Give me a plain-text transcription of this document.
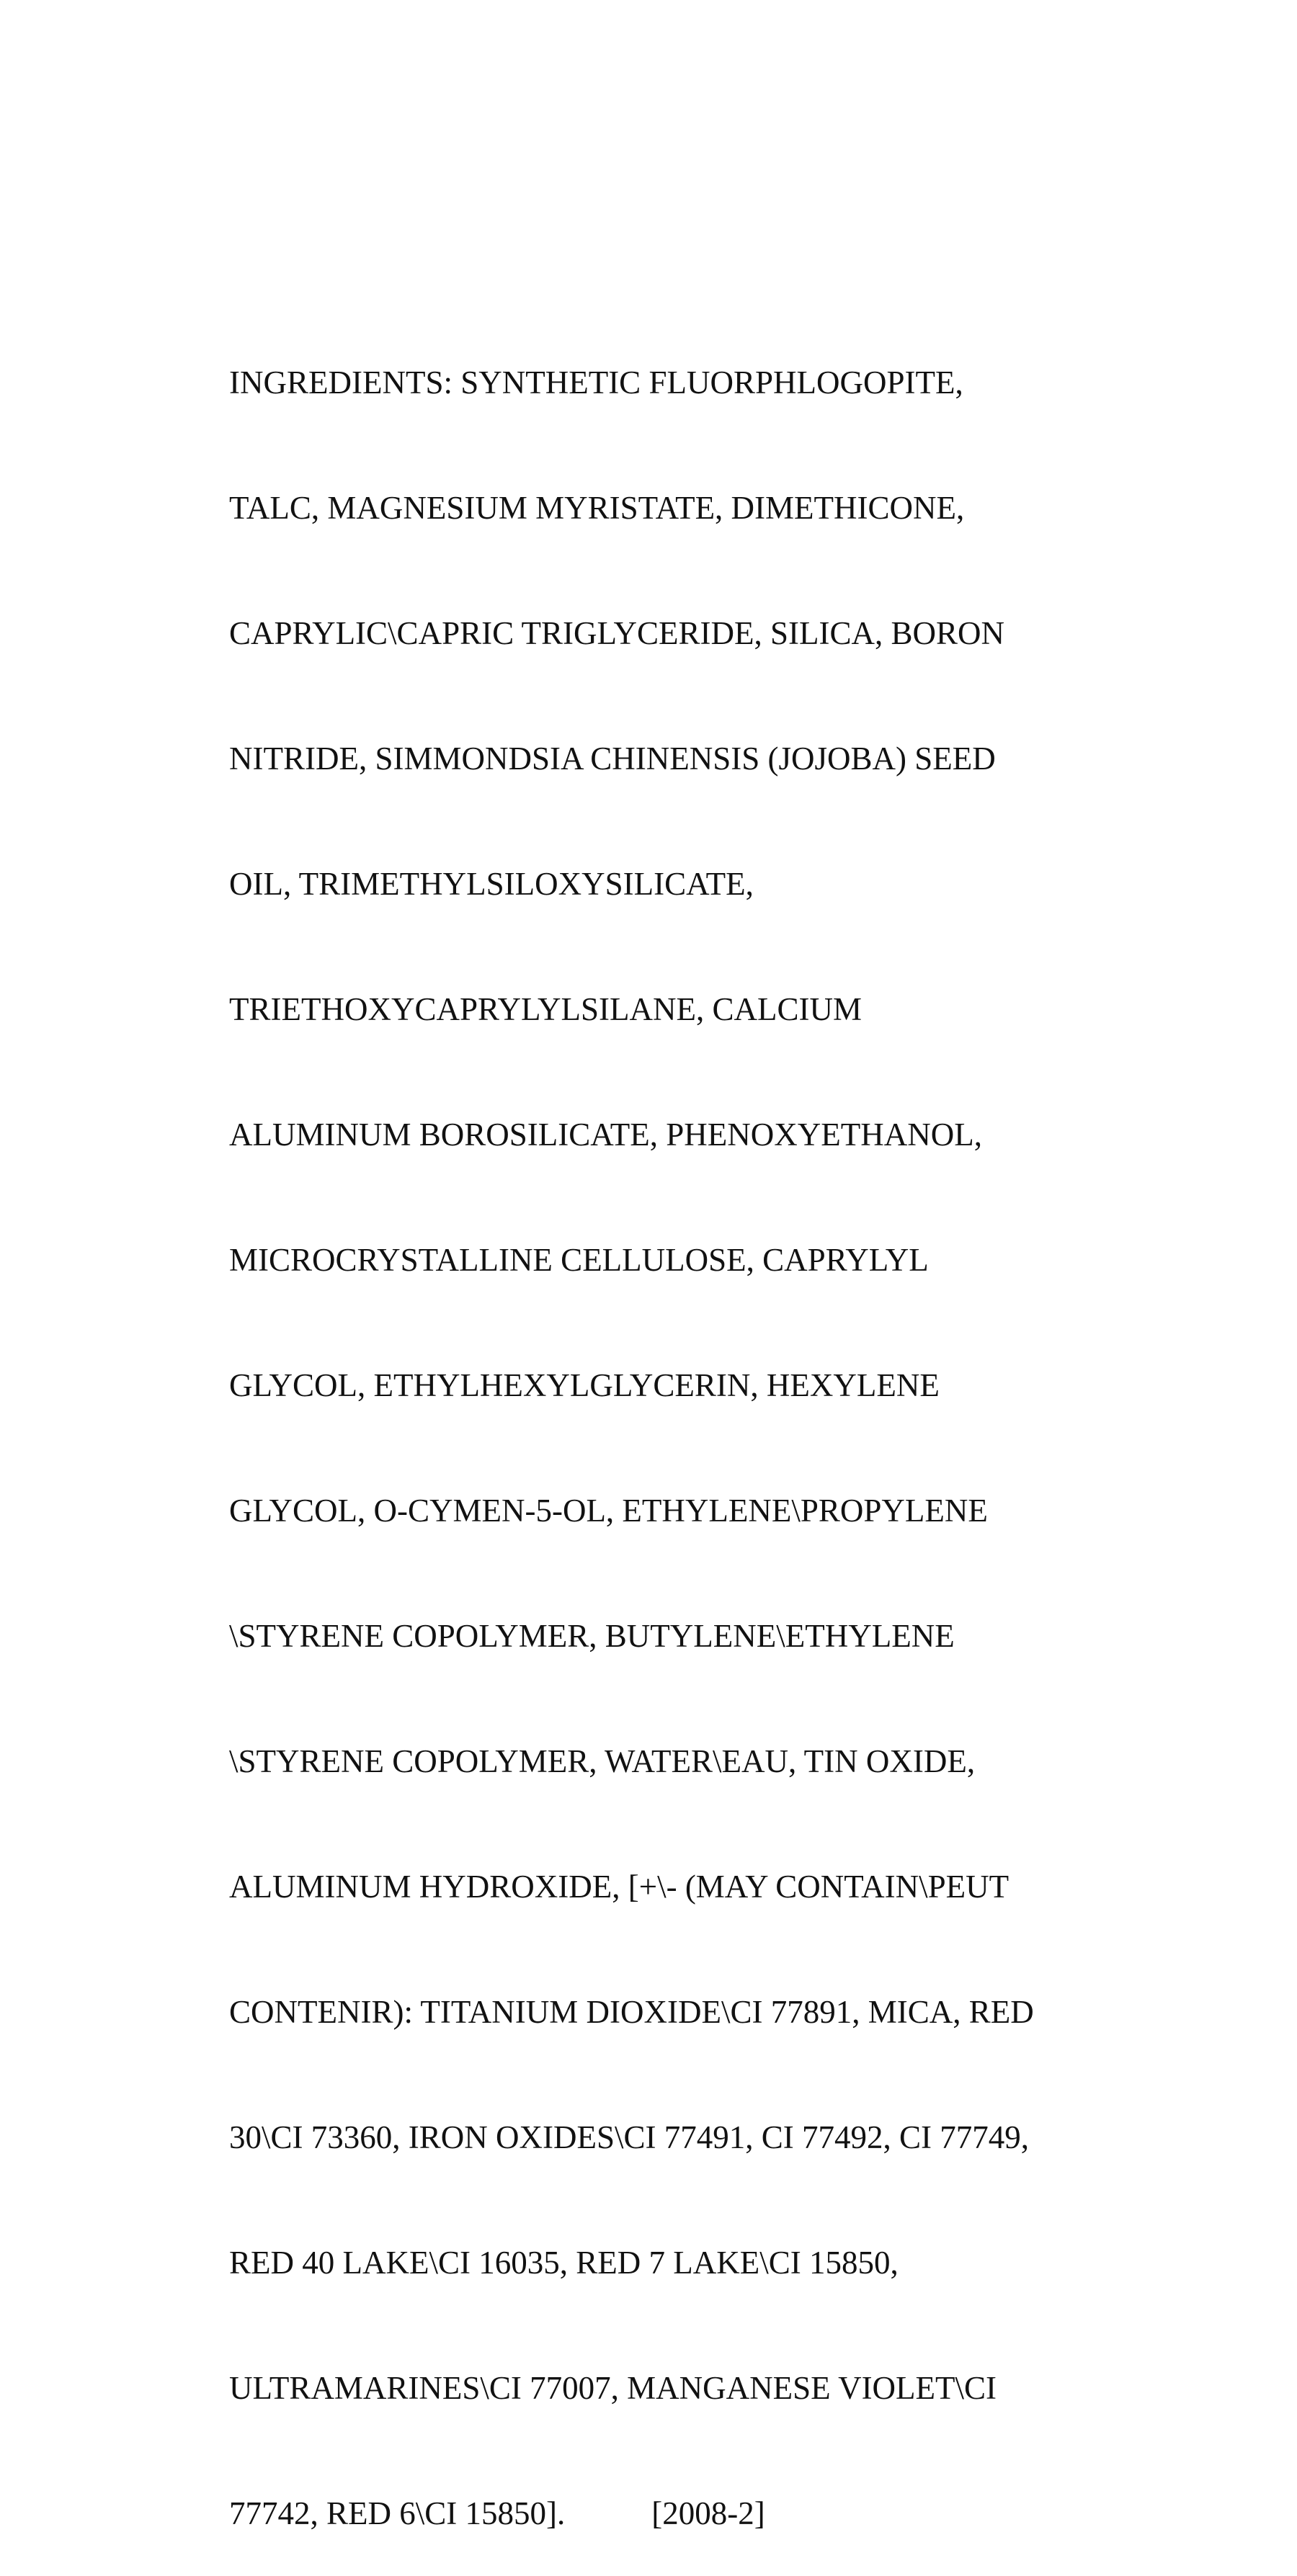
INGREDIENTS: SYNTHETIC FLUORPHLOGOPITE,

TALC, MAGNESIUM MYRISTATE, DIMETHICONE,

CAPRYLIC\CAPRIC TRIGLYCERIDE, SILICA, BORON

NITRIDE, SIMMONDSIA CHINENSIS (JOJOBA) SEED

OIL, TRIMETHYLSILOXYSILICATE,

TRIETHOXYCAPRYLYLSILANE, CALCIUM

ALUMINUM BOROSILICATE, PHENOXYETHANOL,

MICROCRYSTALLINE CELLULOSE, CAPRYLYL

GLYCOL, ETHYLHEXYLGLYCERIN, HEXYLENE

GLYCOL, O-CYMEN-5-OL, ETHYLENE\PROPYLENE

\STYRENE COPOLYMER, BUTYLENE\ETHYLENE

\STYRENE COPOLYMER, WATER\EAU, TIN OXIDE,

ALUMINUM HYDROXIDE, [+\- (MAY CONTAIN\PEUT

CONTENIR): TITANIUM DIOXIDE\CI 77891, MICA, RED

30\CI 73360, IRON OXIDES\CI 77491, CI 77492, CI 77749,

RED 40 LAKE\CI 16035, RED 7 LAKE\CI 15850,

ULTRAMARINES\CI 77007, MANGANESE VIOLET\CI

77742, RED 6\CI 15850].	[2008-2]
